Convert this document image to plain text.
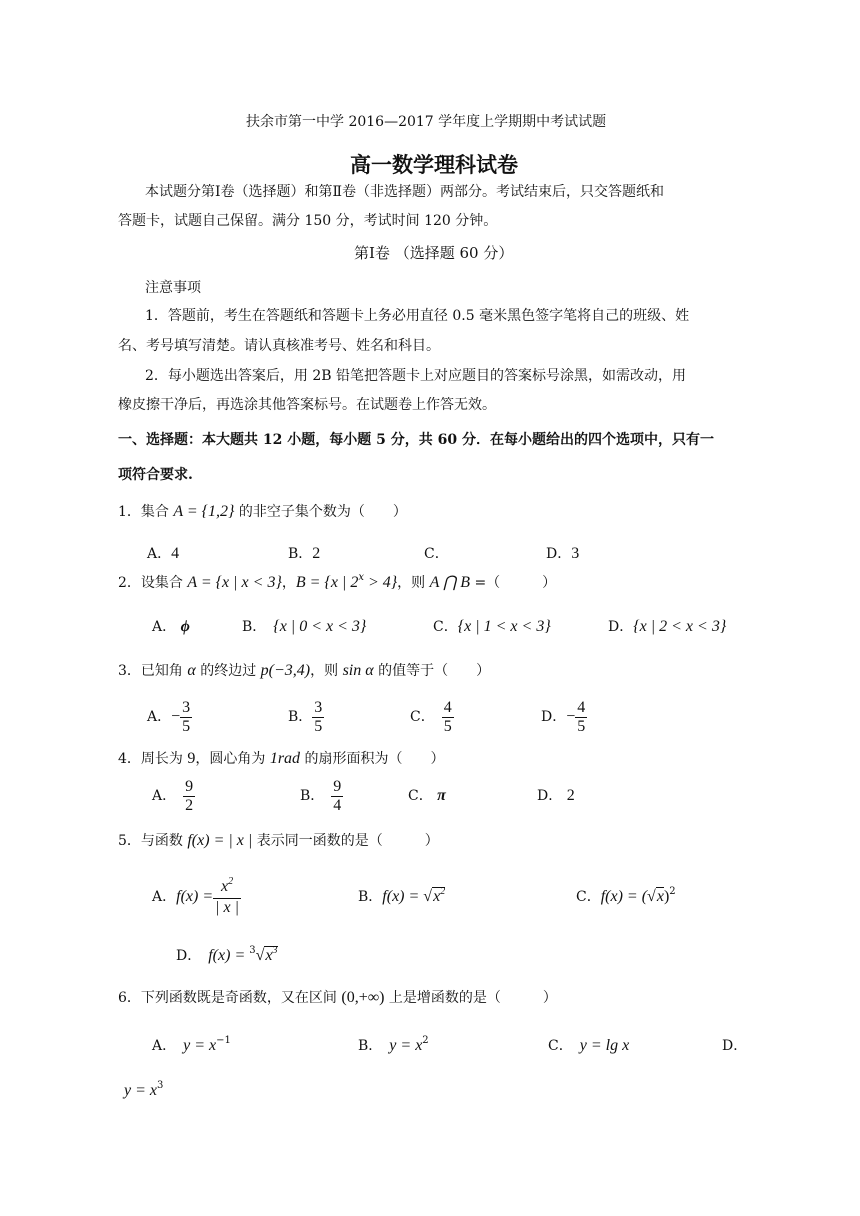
扶余市第一中学 2016—2017 学年度上学期期中考试试题
高一数学理科试卷
本试题分第Ⅰ卷（选择题）和第Ⅱ卷（非选择题）两部分。考试结束后，只交答题纸和
答题卡，试题自己保留。满分 150 分，考试时间 120 分钟。
第Ⅰ卷 （选择题 60 分）
注意事项
1．答题前，考生在答题纸和答题卡上务必用直径 0.5 毫米黑色签字笔将自己的班级、姓
名、考号填写清楚。请认真核准考号、姓名和科目。
2．每小题选出答案后，用 2B 铅笔把答题卡上对应题目的答案标号涂黑，如需改动，用
橡皮擦干净后，再选涂其他答案标号。在试题卷上作答无效。
一、选择题：本大题共 12 小题，每小题 5 分，共 60 分．在每小题给出的四个选项中，只有一
项符合要求.
1．集合 A = {1,2} 的非空子集个数为（　　）
A．4	B．2	C．	D．3
2．设集合 A = {x | x < 3}，B = {x | $2^x > 4$}，则 A ⋂ B =（　　　）
A． ϕ	B．　 {x | 0 < x < 3}	C．{x | 1 < x < 3}	D．{x | 2 < x < 3}
3．已知角 α 的终边过 p(−3,4)，则 sin α 的值等于（　　）
A．− $\frac{3}{5}$	B． $\frac{3}{5}$	C．　 $\frac{4}{5}$	D．− $\frac{4}{5}$
4．周长为 9，圆心角为 1rad 的扇形面积为（　　）
A．　 $\frac{9}{2}$	B．　 $\frac{9}{4}$	C． π	D． 2
5．与函数 f(x) = | x | 表示同一函数的是（　　　）
A．$f(x) = \frac{x^2}{| x |}$	B．$f(x) = √x^2$	C．$f(x) = (√x)^2$
D．　 $f(x) = ^3√x^3$
6．下列函数既是奇函数，又在区间 (0,+∞) 上是增函数的是（　　　）
A．　 $y = x^{-1}$	B．　 $y = x^2$	C．　 y = lg x	D．
$y = x^3$
